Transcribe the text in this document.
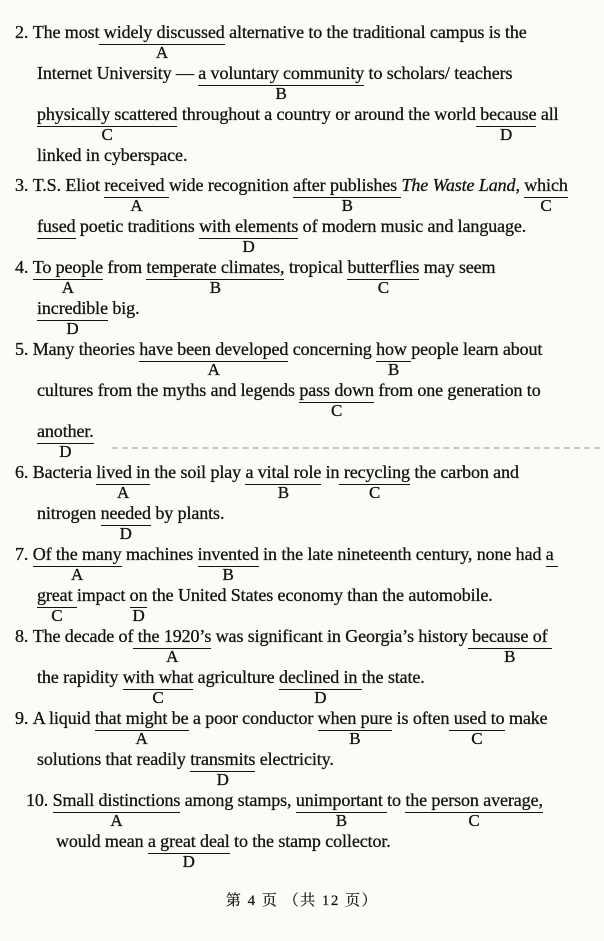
2. The most widely discussed
A
alternative to the traditional campus is the
Internet University — a voluntary community
B
to scholars/ teachers
physically scattered
C
throughout a country or around the world because
D
all
linked in cyberspace.
3. T.S. Eliot received
A
wide recognition after publishes
B
The Waste Land, which
C
fused poetic traditions with elements
D
of modern music and language.
4. To people
A
from temperate climates,
B
tropical butterflies
C
may seem
incredible
D
big.
5. Many theories have been developed
A
concerning how
B
people learn about
cultures from the myths and legends pass down
C
from one generation to
another.
D
6. Bacteria lived in
A
the soil play a vital role
B
in recycling
C
the carbon and
nitrogen needed
D
by plants.
7. Of the many
A
machines invented
B
in the late nineteenth century, none had a
great
C
impact on
D
the United States economy than the automobile.
8. The decade of the 1920’s
A
was significant in Georgia’s history because of
B
the rapidity with what
C
agriculture declined in
D
the state.
9. A liquid that might be
A
a poor conductor when pure
B
is often used to
C
make
solutions that readily transmits
D
electricity.
10. Small distinctions
A
among stamps, unimportant
B
to the person average,
C
would mean a great deal
D
to the stamp collector.
第 4 页 （共 12 页）
